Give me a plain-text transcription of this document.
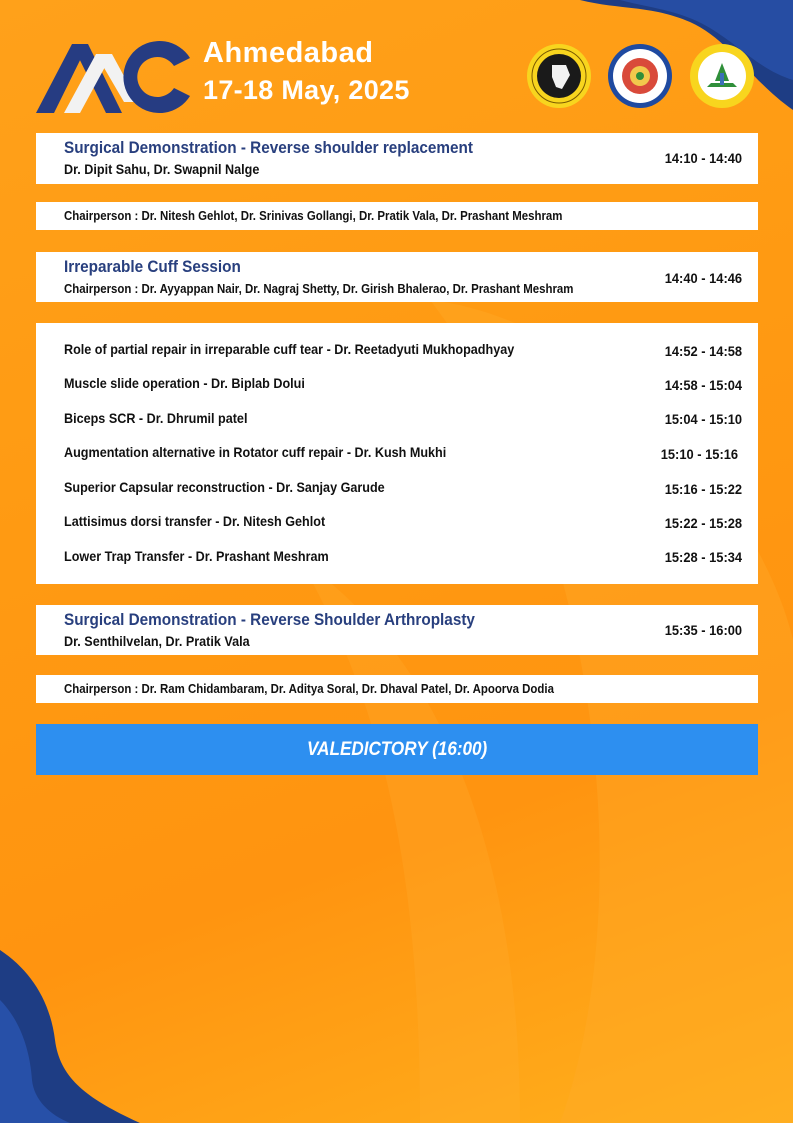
Ahmedabad
17-18 May, 2025
Surgical Demonstration - Reverse shoulder replacement
Dr. Dipit Sahu, Dr. Swapnil Nalge
14:10 - 14:40
Chairperson : Dr. Nitesh Gehlot, Dr. Srinivas Gollangi, Dr. Pratik Vala, Dr. Prashant Meshram
Irreparable Cuff Session
Chairperson : Dr. Ayyappan Nair, Dr. Nagraj Shetty, Dr. Girish Bhalerao, Dr. Prashant Meshram
14:40 - 14:46
Role of partial repair in irreparable cuff tear - Dr. Reetadyuti Mukhopadhyay	14:52 - 14:58
Muscle slide operation - Dr. Biplab Dolui	14:58 - 15:04
Biceps SCR - Dr. Dhrumil patel	15:04 - 15:10
Augmentation alternative in Rotator cuff repair - Dr. Kush Mukhi	15:10 - 15:16
Superior Capsular reconstruction - Dr. Sanjay Garude	15:16 - 15:22
Lattisimus dorsi transfer - Dr. Nitesh Gehlot	15:22 - 15:28
Lower Trap Transfer - Dr. Prashant Meshram	15:28 - 15:34
Surgical Demonstration - Reverse Shoulder Arthroplasty
Dr. Senthilvelan, Dr. Pratik Vala
15:35 - 16:00
Chairperson : Dr. Ram Chidambaram, Dr. Aditya Soral, Dr. Dhaval Patel, Dr. Apoorva Dodia
VALEDICTORY (16:00)
